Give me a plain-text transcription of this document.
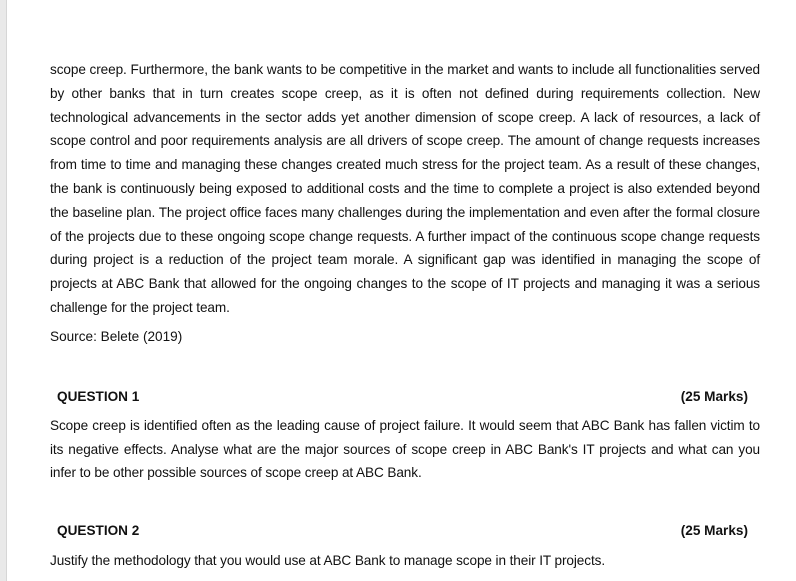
scope creep. Furthermore, the bank wants to be competitive in the market and wants to include all functionalities served by other banks that in turn creates scope creep, as it is often not defined during requirements collection. New technological advancements in the sector adds yet another dimension of scope creep. A lack of resources, a lack of scope control and poor requirements analysis are all drivers of scope creep. The amount of change requests increases from time to time and managing these changes created much stress for the project team. As a result of these changes, the bank is continuously being exposed to additional costs and the time to complete a project is also extended beyond the baseline plan. The project office faces many challenges during the implementation and even after the formal closure of the projects due to these ongoing scope change requests. A further impact of the continuous scope change requests during project is a reduction of the project team morale. A significant gap was identified in managing the scope of projects at ABC Bank that allowed for the ongoing changes to the scope of IT projects and managing it was a serious challenge for the project team.

Source: Belete (2019)

QUESTION 1	(25 Marks)

Scope creep is identified often as the leading cause of project failure. It would seem that ABC Bank has fallen victim to its negative effects. Analyse what are the major sources of scope creep in ABC Bank's IT projects and what can you infer to be other possible sources of scope creep at ABC Bank.

QUESTION 2	(25 Marks)

Justify the methodology that you would use at ABC Bank to manage scope in their IT projects.
